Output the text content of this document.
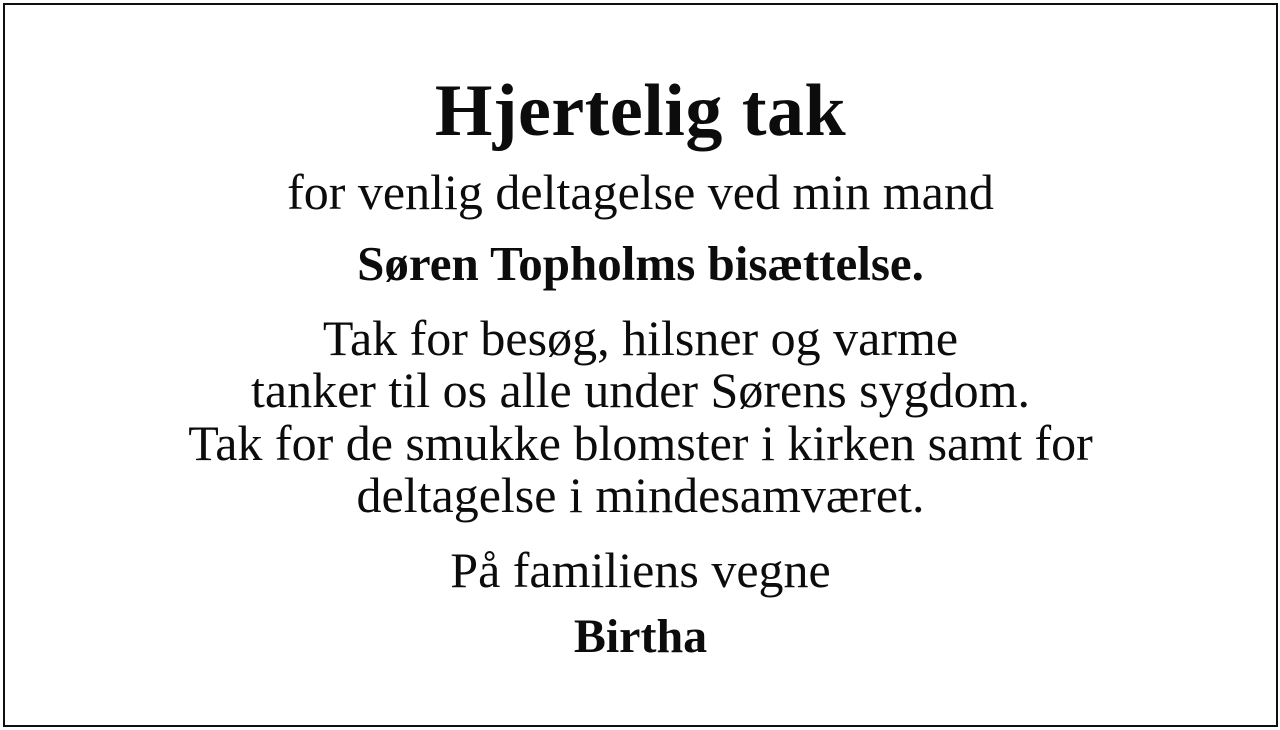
Hjertelig tak

for venlig deltagelse ved min mand

Søren Topholms bisættelse.

Tak for besøg, hilsner og varme
tanker til os alle under Sørens sygdom.
Tak for de smukke blomster i kirken samt for
deltagelse i mindesamværet.

På familiens vegne

Birtha
